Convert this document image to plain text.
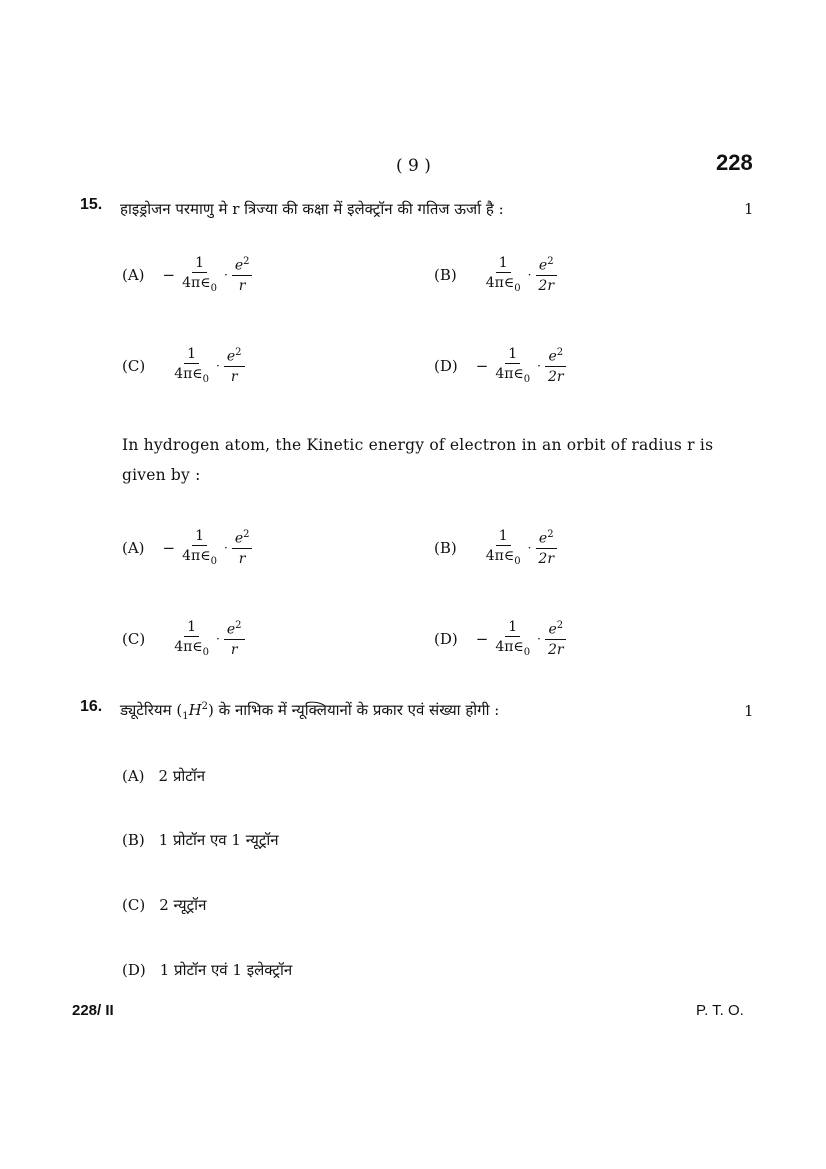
( 9 )	228
15. हाइड्रोजन परमाणु मे r त्रिज्या की कक्षा में इलेक्ट्रॉन की गतिज ऊर्जा है :	1
$(A) - \frac{1}{4\pi\in_0} \cdot \frac{e^2}{r}$	$(B) \frac{1}{4\pi\in_0} \cdot \frac{e^2}{2r}$
$(C) \frac{1}{4\pi\in_0} \cdot \frac{e^2}{r}$	$(D) - \frac{1}{4\pi\in_0} \cdot \frac{e^2}{2r}$
In hydrogen atom, the Kinetic energy of electron in an orbit of radius r is given by :
$(A) - \frac{1}{4\pi\in_0} \cdot \frac{e^2}{r}$	$(B) \frac{1}{4\pi\in_0} \cdot \frac{e^2}{2r}$
$(C) \frac{1}{4\pi\in_0} \cdot \frac{e^2}{r}$	$(D) - \frac{1}{4\pi\in_0} \cdot \frac{e^2}{2r}$
16. ड्यूटेरियम $(_1H^2)$ के नाभिक में न्यूक्लियानों के प्रकार एवं संख्या होगी :	1
(A) 2 प्रोटॉन
(B) 1 प्रोटॉन एव 1 न्यूट्रॉन
(C) 2 न्यूट्रॉन
(D) 1 प्रोटॉन एवं 1 इलेक्ट्रॉन
228/ II	P. T. O.
